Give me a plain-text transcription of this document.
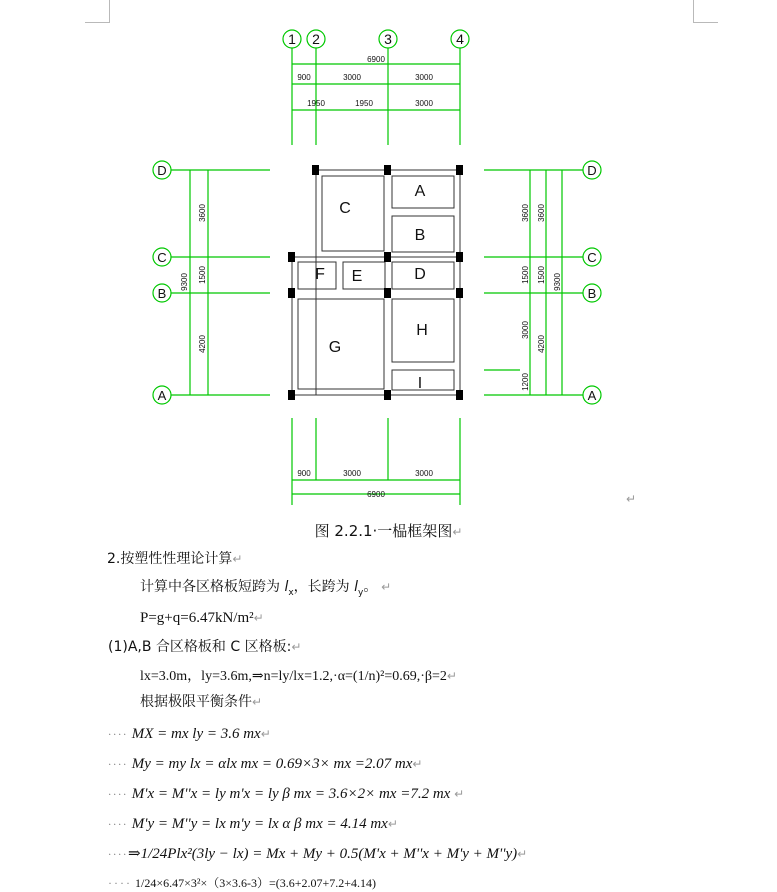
1 2	3	4
D
C
B
A
D
C
B
A
6900
900	3000	3000
1950	1950	3000
900	3000	3000
6900
3600
1500
4200
9300
3600 3600
1500 1500
3000
4200
1200
9300
A
B
C
D
E
F
G
H
I
↵
图 2.2.1·一榀框架图↵
2.按塑性性理论计算↵
计算中各区格板短跨为 $l_x$，长跨为 $l_y$。 ↵
P=g+q=6.47kN/m²↵
(1)A,B 合区格板和 C 区格板:↵
lx=3.0m，ly=3.6m,⇒n=ly/lx=1.2,·α=(1/n)²=0.69,·β=2↵
根据极限平衡条件↵
···· MX = mx ly = 3.6 mx↵
···· My = my lx = αlx mx = 0.69×3× mx =2.07 mx↵
···· M'x = M''x = ly m'x = ly β mx = 3.6×2× mx =7.2 mx ↵
···· M'y = M''y = lx m'y = lx α β mx = 4.14 mx↵
····⇒1/24Plx²(3ly − lx) = Mx + My + 0.5(M'x + M''x + M'y + M''y)↵
···· 1/24×6.47×3²×（3×3.6-3）=(3.6+2.07+7.2+4.14)
